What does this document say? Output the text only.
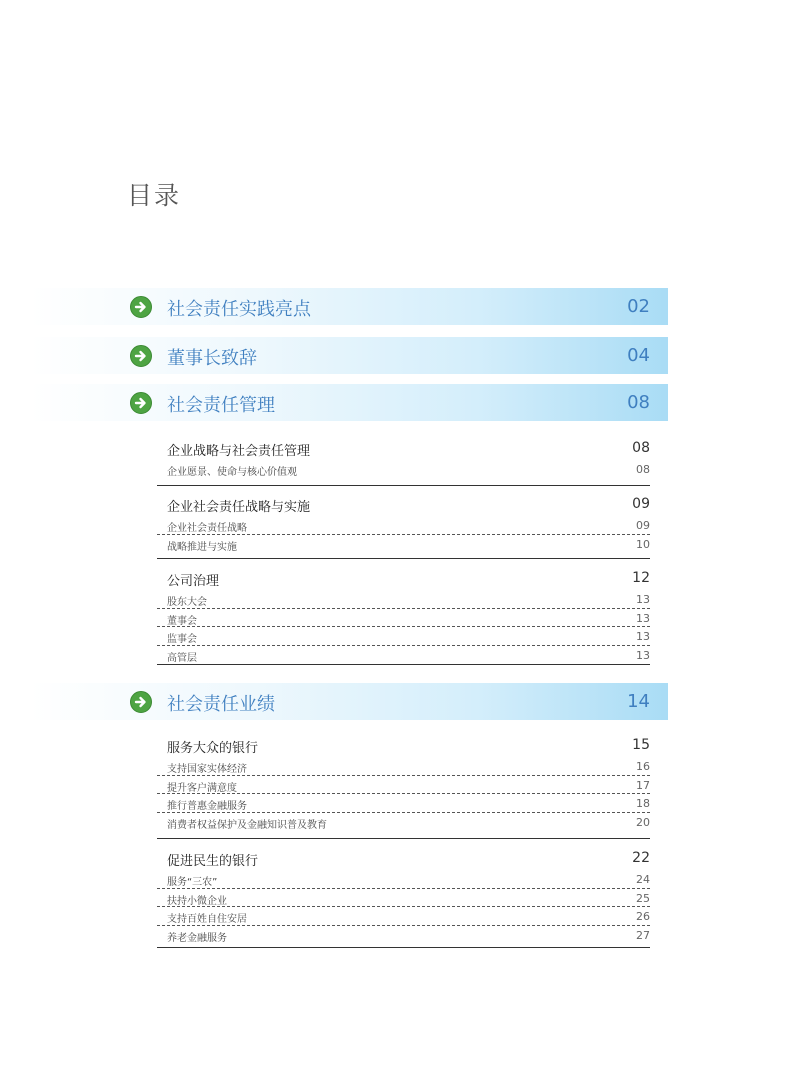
目录
社会责任实践亮点	02
董事长致辞	04
社会责任管理	08
企业战略与社会责任管理	08
企业愿景、使命与核心价值观	08
企业社会责任战略与实施	09
企业社会责任战略	09
战略推进与实施	10
公司治理	12
股东大会	13
董事会	13
监事会	13
高管层	13
社会责任业绩	14
服务大众的银行	15
支持国家实体经济	16
提升客户满意度	17
推行普惠金融服务	18
消费者权益保护及金融知识普及教育	20
促进民生的银行	22
服务“三农”	24
扶持小微企业	25
支持百姓自住安居	26
养老金融服务	27
